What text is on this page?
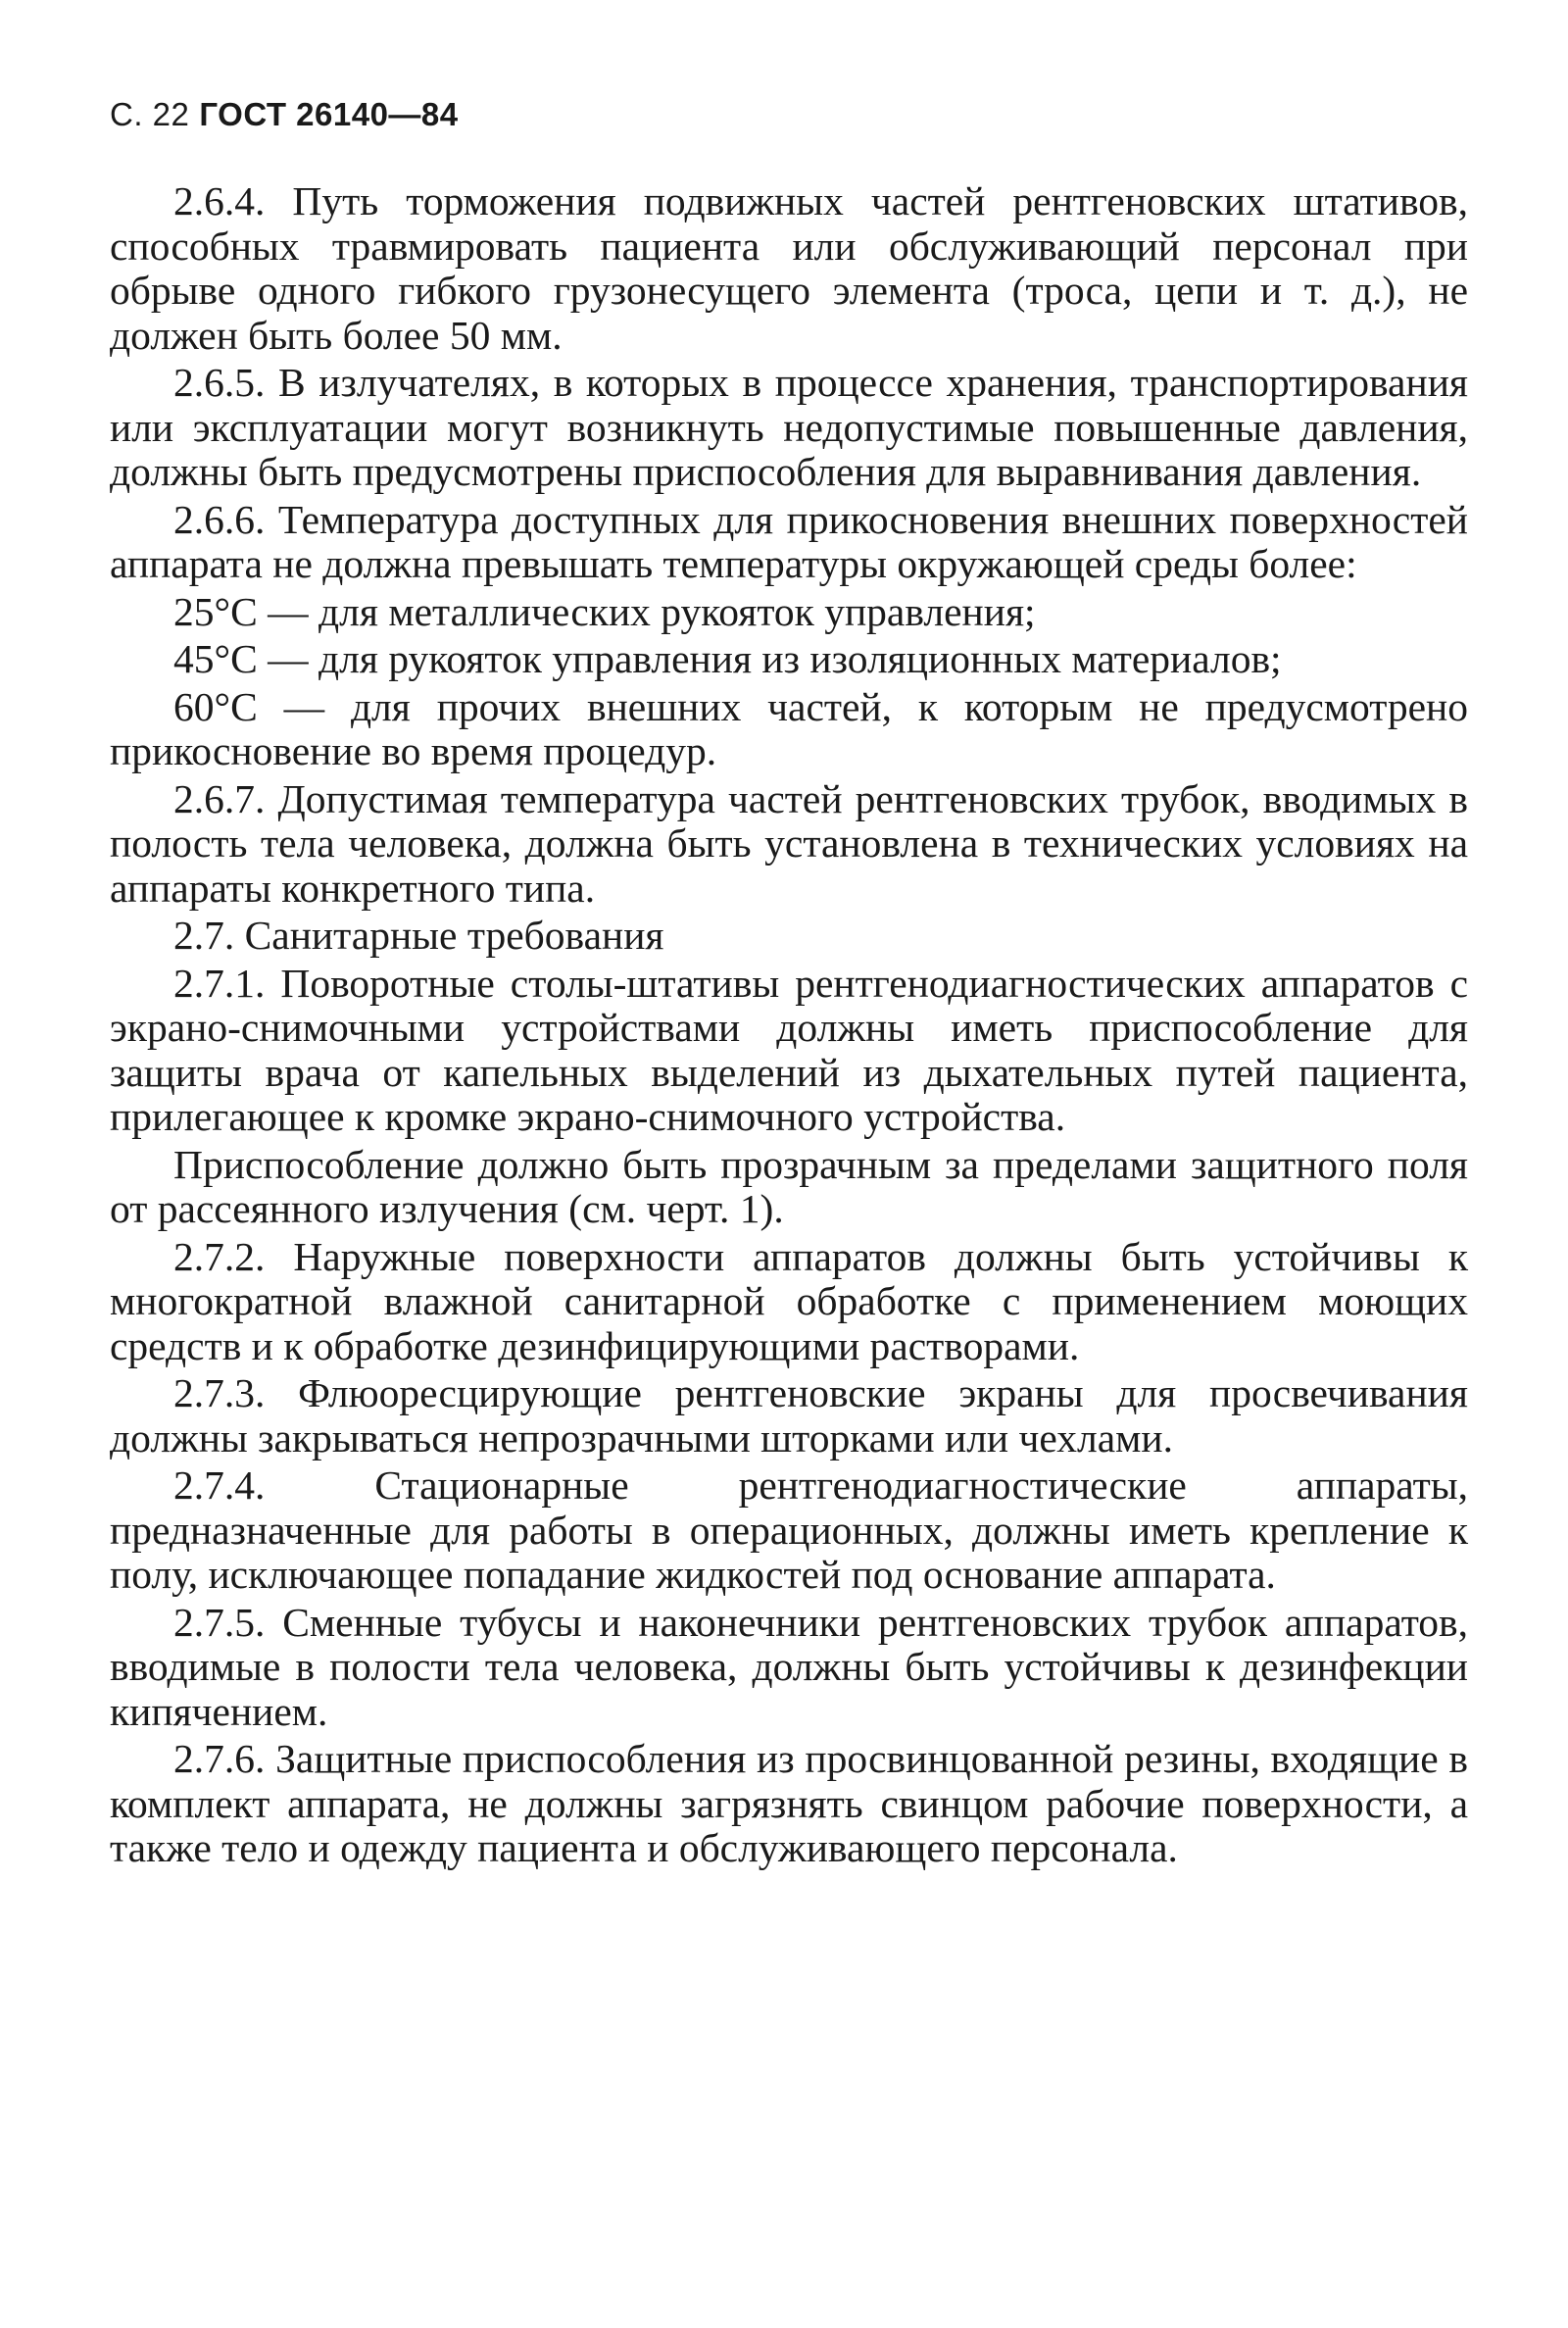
С. 22 ГОСТ 26140—84

2.6.4. Путь торможения подвижных частей рентгеновских штативов, способных травмировать пациента или обслуживающий персонал при обрыве одного гибкого грузонесущего элемента (троса, цепи и т. д.), не должен быть более 50 мм.

2.6.5. В излучателях, в которых в процессе хранения, транспортирования или эксплуатации могут возникнуть недопустимые повышенные давления, должны быть предусмотрены приспособления для выравнивания давления.

2.6.6. Температура доступных для прикосновения внешних поверхностей аппарата не должна превышать температуры окружающей среды более:

25°С — для металлических рукояток управления;

45°С — для рукояток управления из изоляционных материалов;

60°С — для прочих внешних частей, к которым не предусмотрено прикосновение во время процедур.

2.6.7. Допустимая температура частей рентгеновских трубок, вводимых в полость тела человека, должна быть установлена в технических условиях на аппараты конкретного типа.

2.7. Санитарные требования

2.7.1. Поворотные столы-штативы рентгенодиагностических аппаратов с экрано-снимочными устройствами должны иметь приспособление для защиты врача от капельных выделений из дыхательных путей пациента, прилегающее к кромке экрано-снимочного устройства.

Приспособление должно быть прозрачным за пределами защитного поля от рассеянного излучения (см. черт. 1).

2.7.2. Наружные поверхности аппаратов должны быть устойчивы к многократной влажной санитарной обработке с применением моющих средств и к обработке дезинфицирующими растворами.

2.7.3. Флюоресцирующие рентгеновские экраны для просвечивания должны закрываться непрозрачными шторками или чехлами.

2.7.4. Стационарные рентгенодиагностические аппараты, предназначенные для работы в операционных, должны иметь крепление к полу, исключающее попадание жидкостей под основание аппарата.

2.7.5. Сменные тубусы и наконечники рентгеновских трубок аппаратов, вводимые в полости тела человека, должны быть устойчивы к дезинфекции кипячением.

2.7.6. Защитные приспособления из просвинцованной резины, входящие в комплект аппарата, не должны загрязнять свинцом рабочие поверхности, а также тело и одежду пациента и обслуживающего персонала.
